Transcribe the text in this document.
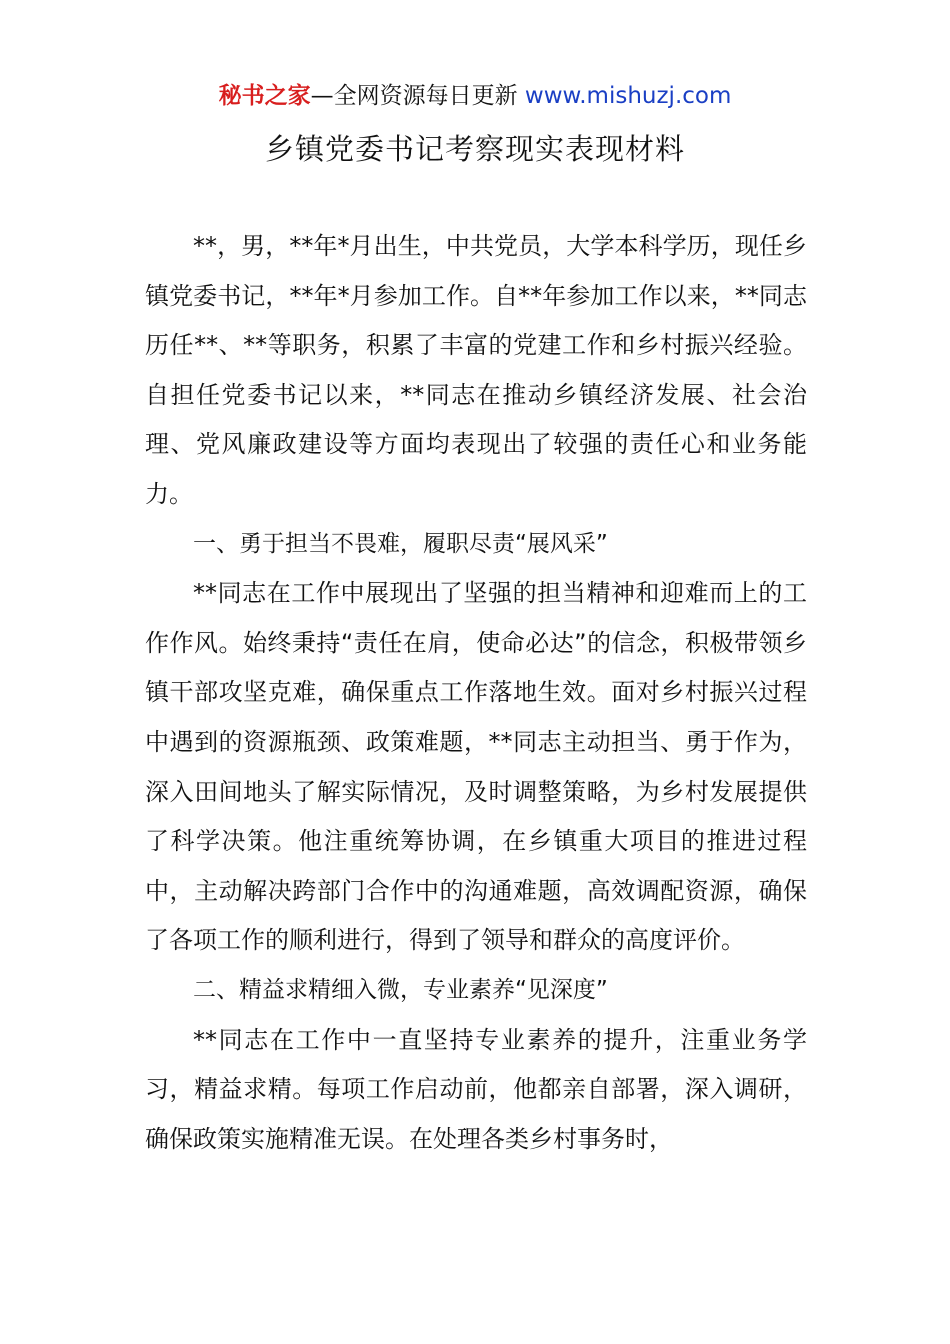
秘书之家—全网资源每日更新 www.mishuzj.com
乡镇党委书记考察现实表现材料

**，男，**年*月出生，中共党员，大学本科学历，现任乡镇党委书记，**年*月参加工作。自**年参加工作以来，**同志历任**、**等职务，积累了丰富的党建工作和乡村振兴经验。自担任党委书记以来，**同志在推动乡镇经济发展、社会治理、党风廉政建设等方面均表现出了较强的责任心和业务能力。

一、勇于担当不畏难，履职尽责“展风采”

**同志在工作中展现出了坚强的担当精神和迎难而上的工作作风。始终秉持“责任在肩，使命必达”的信念，积极带领乡镇干部攻坚克难，确保重点工作落地生效。面对乡村振兴过程中遇到的资源瓶颈、政策难题，**同志主动担当、勇于作为，深入田间地头了解实际情况，及时调整策略，为乡村发展提供了科学决策。他注重统筹协调，在乡镇重大项目的推进过程中，主动解决跨部门合作中的沟通难题，高效调配资源，确保了各项工作的顺利进行，得到了领导和群众的高度评价。

二、精益求精细入微，专业素养“见深度”

**同志在工作中一直坚持专业素养的提升，注重业务学习，精益求精。每项工作启动前，他都亲自部署，深入调研，确保政策实施精准无误。在处理各类乡村事务时，
